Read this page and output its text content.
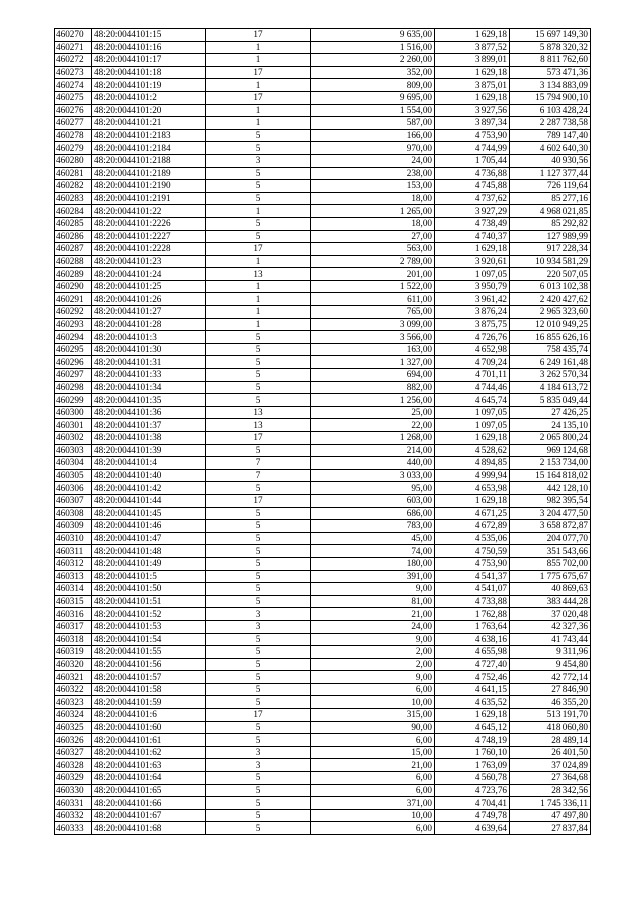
460270	48:20:0044101:15	17	9 635,00	1 629,18	15 697 149,30
460271	48:20:0044101:16	1	1 516,00	3 877,52	5 878 320,32
460272	48:20:0044101:17	1	2 260,00	3 899,01	8 811 762,60
460273	48:20:0044101:18	17	352,00	1 629,18	573 471,36
460274	48:20:0044101:19	1	809,00	3 875,01	3 134 883,09
460275	48:20:0044101:2	17	9 695,00	1 629,18	15 794 900,10
460276	48:20:0044101:20	1	1 554,00	3 927,56	6 103 428,24
460277	48:20:0044101:21	1	587,00	3 897,34	2 287 738,58
460278	48:20:0044101:2183	5	166,00	4 753,90	789 147,40
460279	48:20:0044101:2184	5	970,00	4 744,99	4 602 640,30
460280	48:20:0044101:2188	3	24,00	1 705,44	40 930,56
460281	48:20:0044101:2189	5	238,00	4 736,88	1 127 377,44
460282	48:20:0044101:2190	5	153,00	4 745,88	726 119,64
460283	48:20:0044101:2191	5	18,00	4 737,62	85 277,16
460284	48:20:0044101:22	1	1 265,00	3 927,29	4 968 021,85
460285	48:20:0044101:2226	5	18,00	4 738,49	85 292,82
460286	48:20:0044101:2227	5	27,00	4 740,37	127 989,99
460287	48:20:0044101:2228	17	563,00	1 629,18	917 228,34
460288	48:20:0044101:23	1	2 789,00	3 920,61	10 934 581,29
460289	48:20:0044101:24	13	201,00	1 097,05	220 507,05
460290	48:20:0044101:25	1	1 522,00	3 950,79	6 013 102,38
460291	48:20:0044101:26	1	611,00	3 961,42	2 420 427,62
460292	48:20:0044101:27	1	765,00	3 876,24	2 965 323,60
460293	48:20:0044101:28	1	3 099,00	3 875,75	12 010 949,25
460294	48:20:0044101:3	5	3 566,00	4 726,76	16 855 626,16
460295	48:20:0044101:30	5	163,00	4 652,98	758 435,74
460296	48:20:0044101:31	5	1 327,00	4 709,24	6 249 161,48
460297	48:20:0044101:33	5	694,00	4 701,11	3 262 570,34
460298	48:20:0044101:34	5	882,00	4 744,46	4 184 613,72
460299	48:20:0044101:35	5	1 256,00	4 645,74	5 835 049,44
460300	48:20:0044101:36	13	25,00	1 097,05	27 426,25
460301	48:20:0044101:37	13	22,00	1 097,05	24 135,10
460302	48:20:0044101:38	17	1 268,00	1 629,18	2 065 800,24
460303	48:20:0044101:39	5	214,00	4 528,62	969 124,68
460304	48:20:0044101:4	7	440,00	4 894,85	2 153 734,00
460305	48:20:0044101:40	7	3 033,00	4 999,94	15 164 818,02
460306	48:20:0044101:42	5	95,00	4 653,98	442 128,10
460307	48:20:0044101:44	17	603,00	1 629,18	982 395,54
460308	48:20:0044101:45	5	686,00	4 671,25	3 204 477,50
460309	48:20:0044101:46	5	783,00	4 672,89	3 658 872,87
460310	48:20:0044101:47	5	45,00	4 535,06	204 077,70
460311	48:20:0044101:48	5	74,00	4 750,59	351 543,66
460312	48:20:0044101:49	5	180,00	4 753,90	855 702,00
460313	48:20:0044101:5	5	391,00	4 541,37	1 775 675,67
460314	48:20:0044101:50	5	9,00	4 541,07	40 869,63
460315	48:20:0044101:51	5	81,00	4 733,88	383 444,28
460316	48:20:0044101:52	3	21,00	1 762,88	37 020,48
460317	48:20:0044101:53	3	24,00	1 763,64	42 327,36
460318	48:20:0044101:54	5	9,00	4 638,16	41 743,44
460319	48:20:0044101:55	5	2,00	4 655,98	9 311,96
460320	48:20:0044101:56	5	2,00	4 727,40	9 454,80
460321	48:20:0044101:57	5	9,00	4 752,46	42 772,14
460322	48:20:0044101:58	5	6,00	4 641,15	27 846,90
460323	48:20:0044101:59	5	10,00	4 635,52	46 355,20
460324	48:20:0044101:6	17	315,00	1 629,18	513 191,70
460325	48:20:0044101:60	5	90,00	4 645,12	418 060,80
460326	48:20:0044101:61	5	6,00	4 748,19	28 489,14
460327	48:20:0044101:62	3	15,00	1 760,10	26 401,50
460328	48:20:0044101:63	3	21,00	1 763,09	37 024,89
460329	48:20:0044101:64	5	6,00	4 560,78	27 364,68
460330	48:20:0044101:65	5	6,00	4 723,76	28 342,56
460331	48:20:0044101:66	5	371,00	4 704,41	1 745 336,11
460332	48:20:0044101:67	5	10,00	4 749,78	47 497,80
460333	48:20:0044101:68	5	6,00	4 639,64	27 837,84
